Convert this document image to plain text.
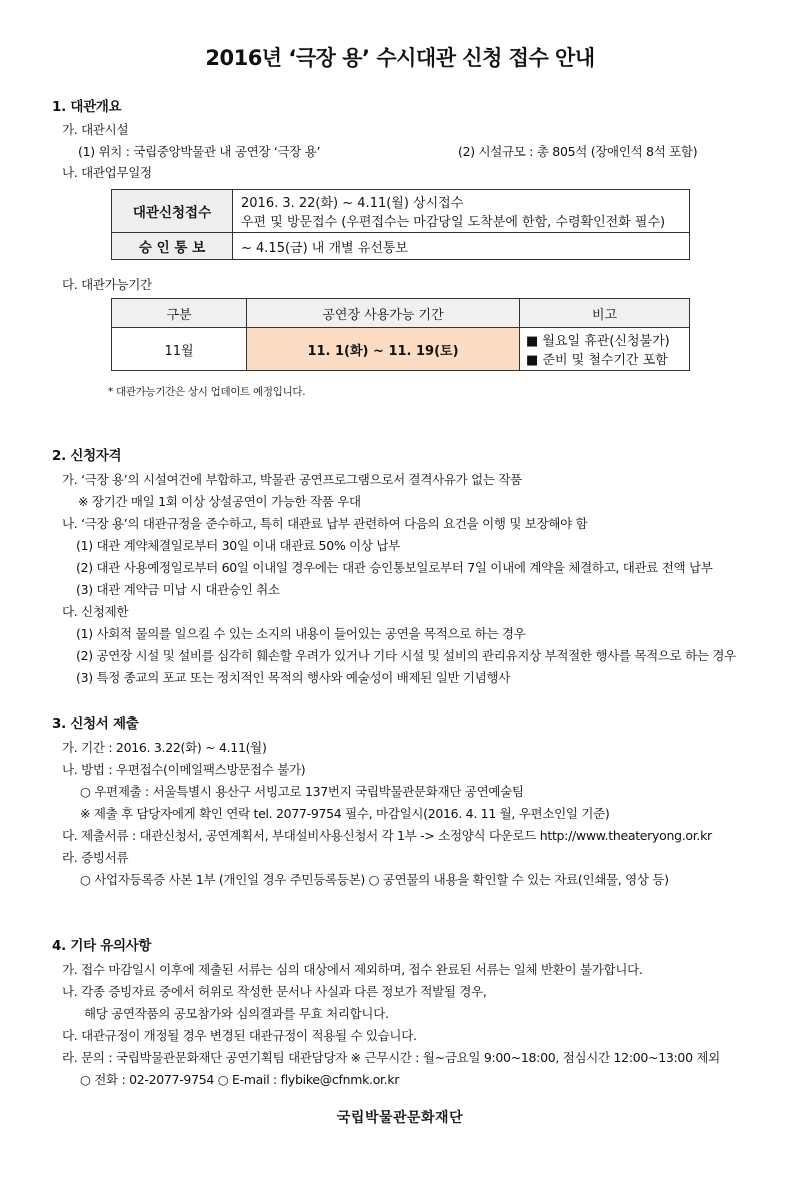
2016년 ‘극장 용’ 수시대관 신청 접수 안내
1. 대관개요
가. 대관시설
(1) 위치 : 국립중앙박물관 내 공연장 ‘극장 용’	(2) 시설규모 : 총 805석 (장애인석 8석 포함)
나. 대관업무일정
대관신청접수	2016. 3. 22(화) ~ 4.11(월) 상시접수
우편 및 방문접수 (우편접수는 마감당일 도착분에 한함, 수령확인전화 필수)

승 인 통 보	~ 4.15(금) 내 개별 유선통보
다. 대관가능기간
구분	공연장 사용가능 기간	비고
11월	11. 1(화) ~ 11. 19(토)	■ 월요일 휴관(신청불가)
■ 준비 및 철수기간 포함
* 대관가능기간은 상시 업데이트 예정입니다.
2. 신청자격
가. ‘극장 용’의 시설여건에 부합하고, 박물관 공연프로그램으로서 결격사유가 없는 작품
※ 장기간 매일 1회 이상 상설공연이 가능한 작품 우대
나. ‘극장 용’의 대관규정을 준수하고, 특히 대관료 납부 관련하여 다음의 요건을 이행 및 보장해야 함
(1) 대관 계약체결일로부터 30일 이내 대관료 50% 이상 납부
(2) 대관 사용예정일로부터 60일 이내일 경우에는 대관 승인통보일로부터 7일 이내에 계약을 체결하고, 대관료 전액 납부
(3) 대관 계약금 미납 시 대관승인 취소
다. 신청제한
(1) 사회적 물의를 일으킬 수 있는 소지의 내용이 들어있는 공연을 목적으로 하는 경우
(2) 공연장 시설 및 설비를 심각히 훼손할 우려가 있거나 기타 시설 및 설비의 관리유지상 부적절한 행사를 목적으로 하는 경우
(3) 특정 종교의 포교 또는 정치적인 목적의 행사와 예술성이 배제된 일반 기념행사
3. 신청서 제출
가. 기간 : 2016. 3.22(화) ~ 4.11(월)
나. 방법 : 우편접수(이메일팩스방문접수 불가)
○ 우편제출 : 서울특별시 용산구 서빙고로 137번지 국립박물관문화재단 공연예술팀
※ 제출 후 담당자에게 확인 연락 tel. 2077-9754 필수, 마감일시(2016. 4. 11 월, 우편소인일 기준)
다. 제출서류 : 대관신청서, 공연계획서, 부대설비사용신청서 각 1부 -> 소정양식 다운로드 http://www.theateryong.or.kr
라. 증빙서류
○ 사업자등록증 사본 1부 (개인일 경우 주민등록등본) ○ 공연물의 내용을 확인할 수 있는 자료(인쇄물, 영상 등)
4. 기타 유의사항
가. 접수 마감일시 이후에 제출된 서류는 심의 대상에서 제외하며, 접수 완료된 서류는 일체 반환이 불가합니다.
나. 각종 증빙자료 중에서 허위로 작성한 문서나 사실과 다른 정보가 적발될 경우,
해당 공연작품의 공모참가와 심의결과를 무효 처리합니다.
다. 대관규정이 개정될 경우 변경된 대관규정이 적용될 수 있습니다.
라. 문의 : 국립박물관문화재단 공연기획팀 대관담당자 ※ 근무시간 : 월~금요일 9:00~18:00, 점심시간 12:00~13:00 제외
○ 전화 : 02-2077-9754 ○ E-mail : flybike@cfnmk.or.kr
국립박물관문화재단
